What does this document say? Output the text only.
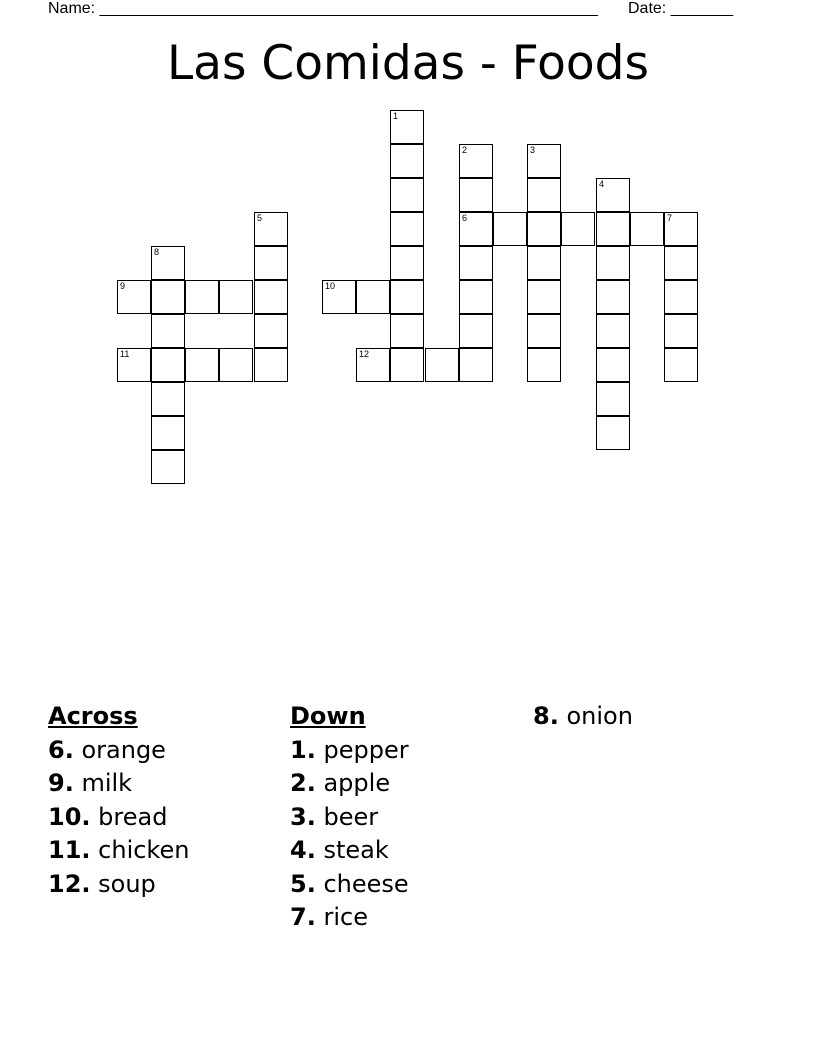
Name: ________________________________________________________ Date: _______
Las Comidas - Foods
1
2
6
3
4
7
5
8
9
11
10
12
Across
6. orange
9. milk
10. bread
11. chicken
12. soup
Down
1. pepper
2. apple
3. beer
4. steak
5. cheese
7. rice
8. onion
